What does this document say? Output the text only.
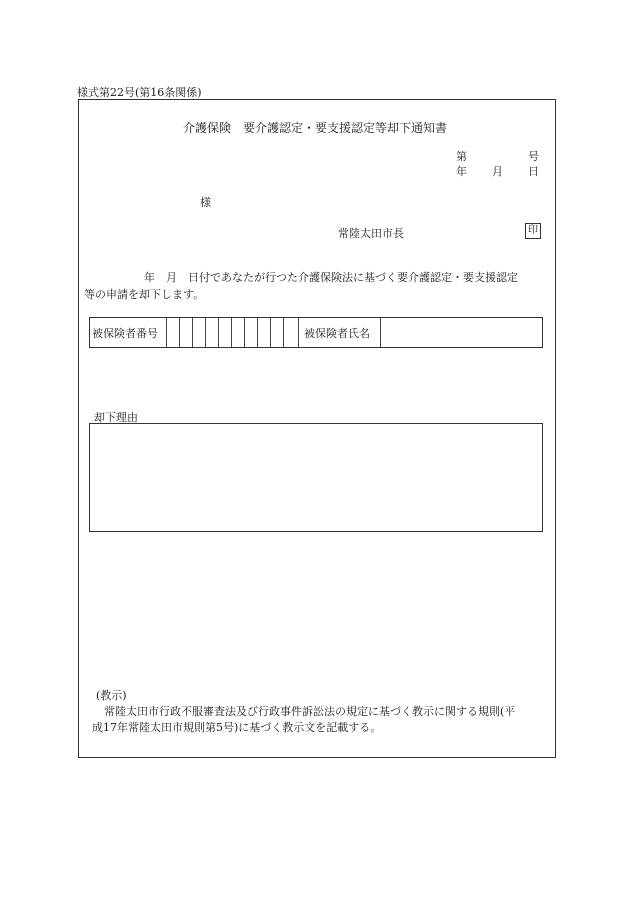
様式第22号(第16条関係)
介護保険　要介護認定・要支援認定等却下通知書
第	号
年 月 日
様
常陸太田市長	印
年　月　日付であなたが行つた介護保険法に基づく要介護認定・要支援認定
等の申請を却下します。
被保険者番号	被保険者氏名
却下理由
(教示)
常陸太田市行政不服審査法及び行政事件訴訟法の規定に基づく教示に関する規則(平
成17年常陸太田市規則第5号)に基づく教示文を記載する。
